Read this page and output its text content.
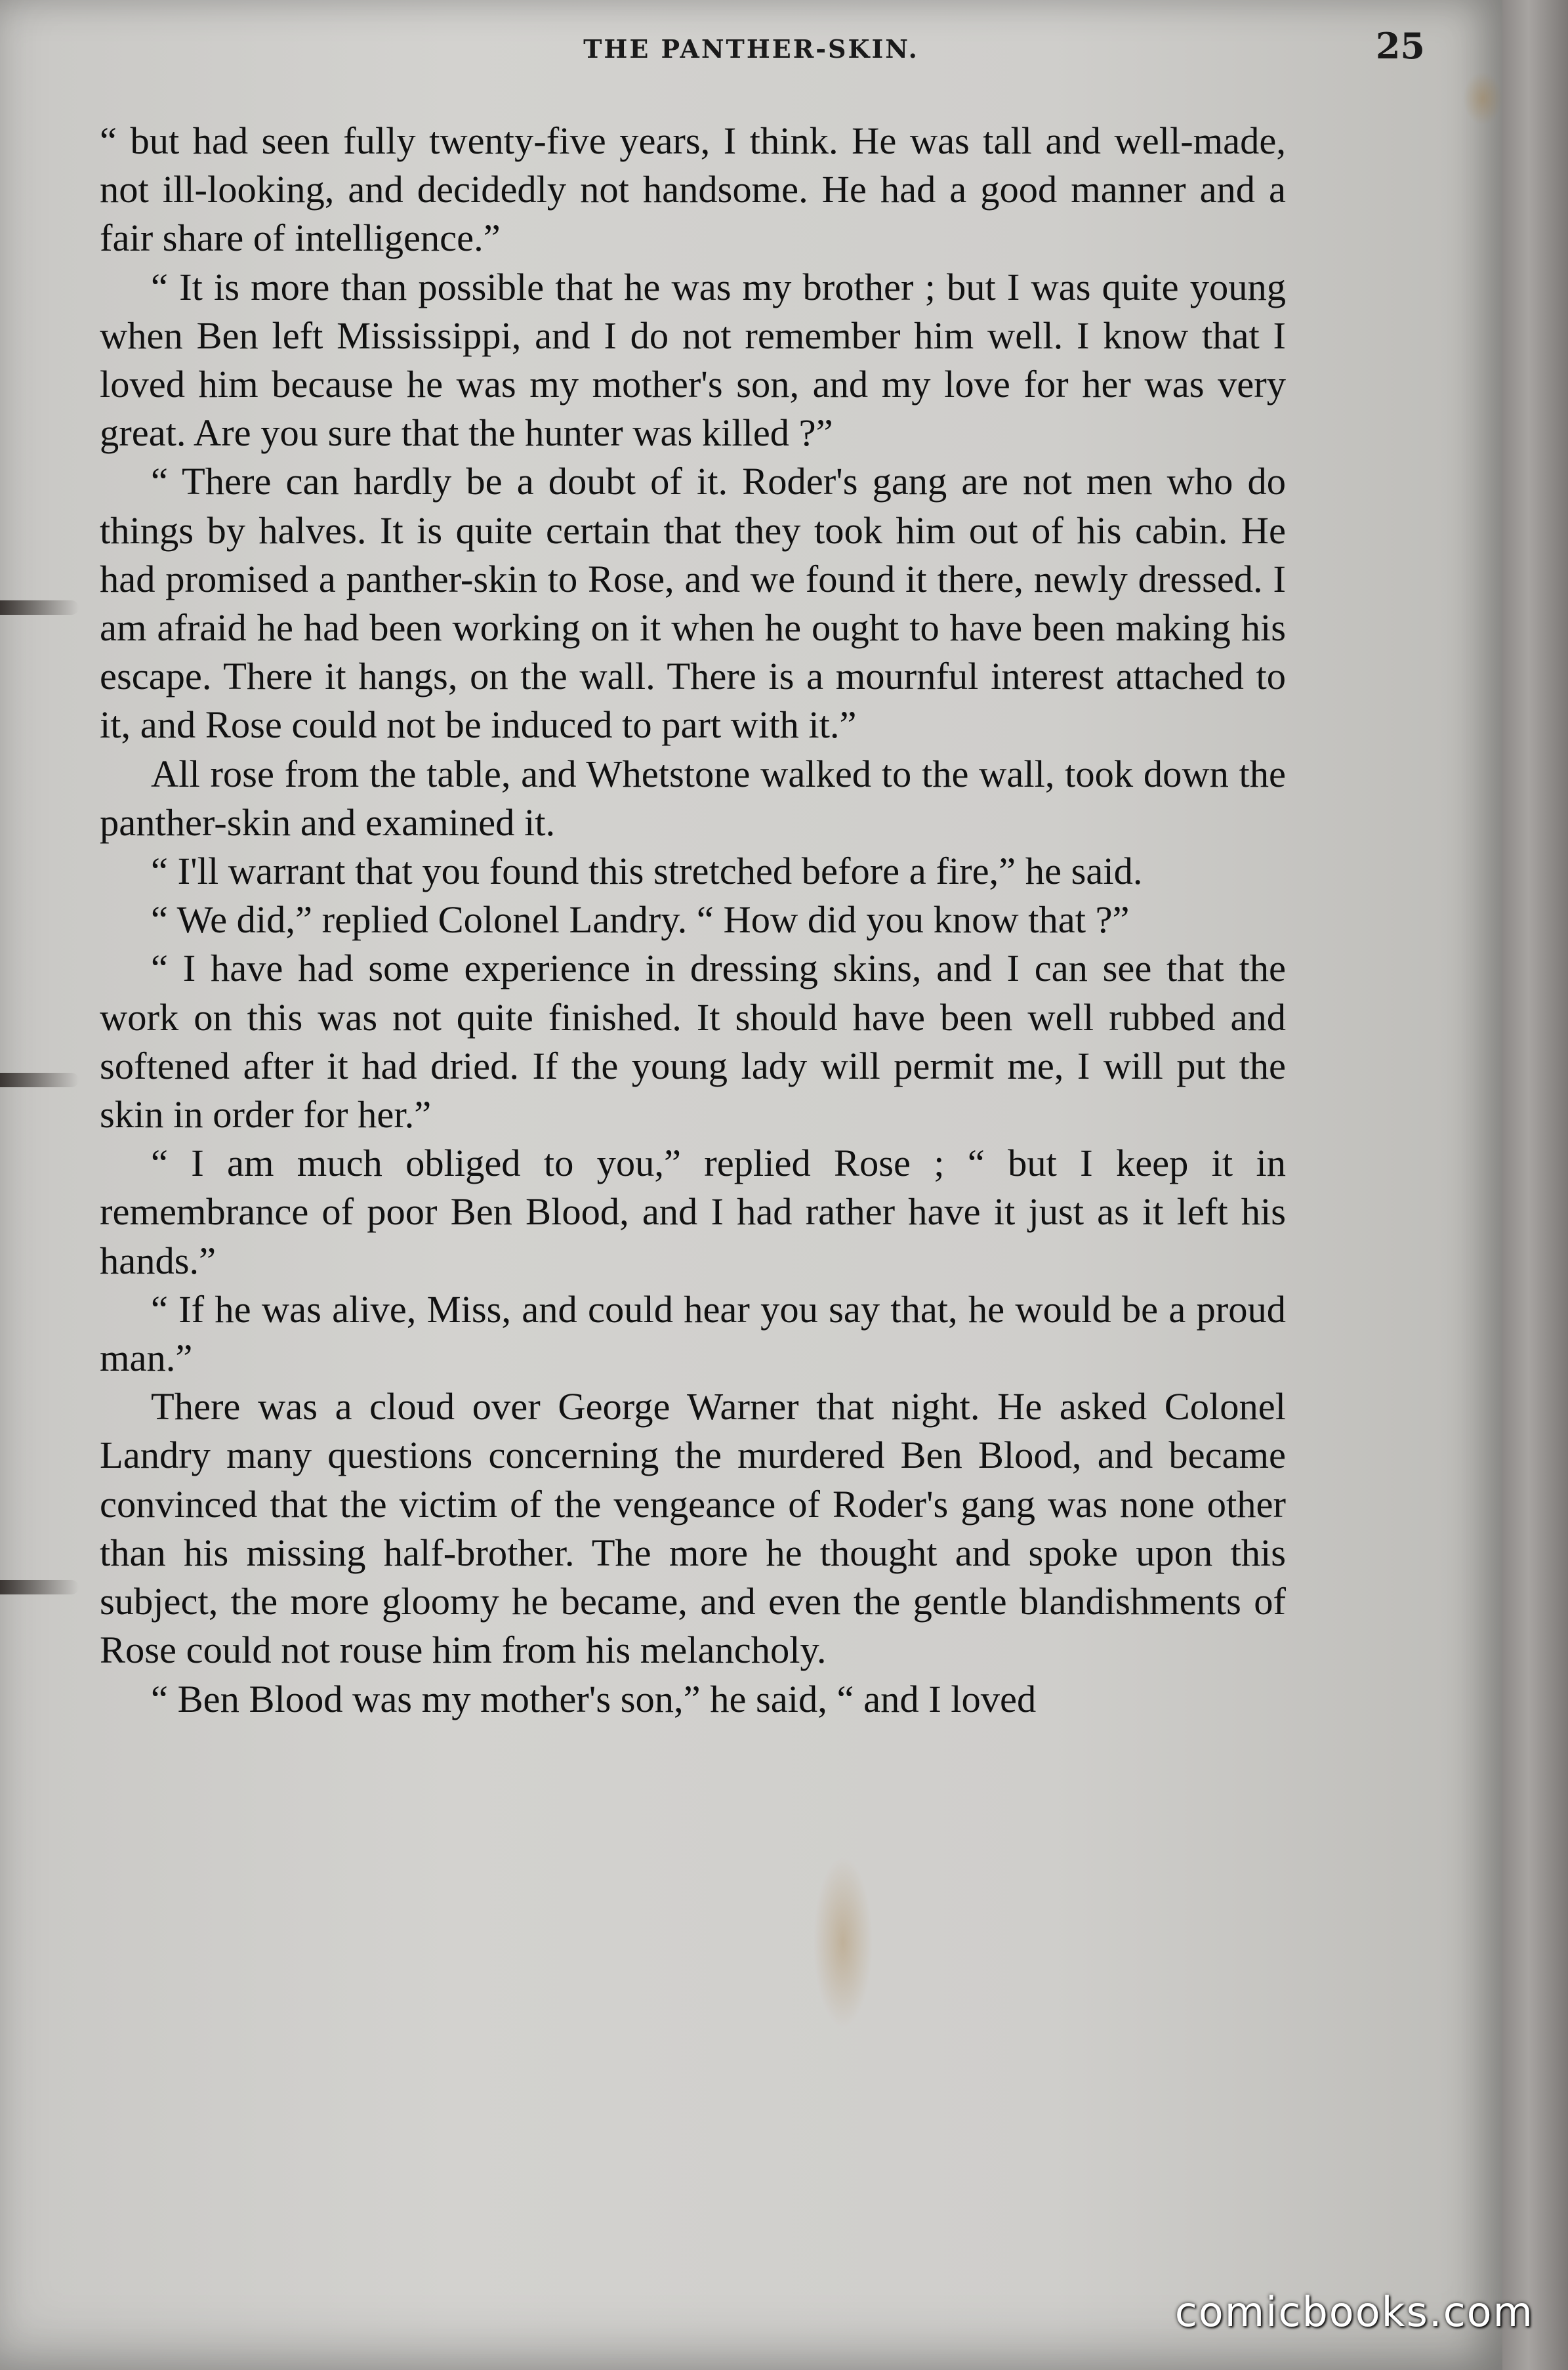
THE PANTHER-SKIN.	25

“ but had seen fully twenty-five years, I think. He was tall and well-made, not ill-looking, and decidedly not handsome. He had a good manner and a fair share of intelligence.”

“ It is more than possible that he was my brother ; but I was quite young when Ben left Mississippi, and I do not remember him well. I know that I loved him because he was my mother's son, and my love for her was very great. Are you sure that the hunter was killed ?”

“ There can hardly be a doubt of it. Roder's gang are not men who do things by halves. It is quite certain that they took him out of his cabin. He had promised a panther-skin to Rose, and we found it there, newly dressed. I am afraid he had been working on it when he ought to have been making his escape. There it hangs, on the wall. There is a mournful interest attached to it, and Rose could not be induced to part with it.”

All rose from the table, and Whetstone walked to the wall, took down the panther-skin and examined it.

“ I'll warrant that you found this stretched before a fire,” he said.

“ We did,” replied Colonel Landry. “ How did you know that ?”

“ I have had some experience in dressing skins, and I can see that the work on this was not quite finished. It should have been well rubbed and softened after it had dried. If the young lady will permit me, I will put the skin in order for her.”

“ I am much obliged to you,” replied Rose ; “ but I keep it in remembrance of poor Ben Blood, and I had rather have it just as it left his hands.”

“ If he was alive, Miss, and could hear you say that, he would be a proud man.”

There was a cloud over George Warner that night. He asked Colonel Landry many questions concerning the murdered Ben Blood, and became convinced that the victim of the vengeance of Roder's gang was none other than his missing half-brother. The more he thought and spoke upon this subject, the more gloomy he became, and even the gentle blandishments of Rose could not rouse him from his melancholy.

“ Ben Blood was my mother's son,” he said, “ and I loved

comicbooks.com
